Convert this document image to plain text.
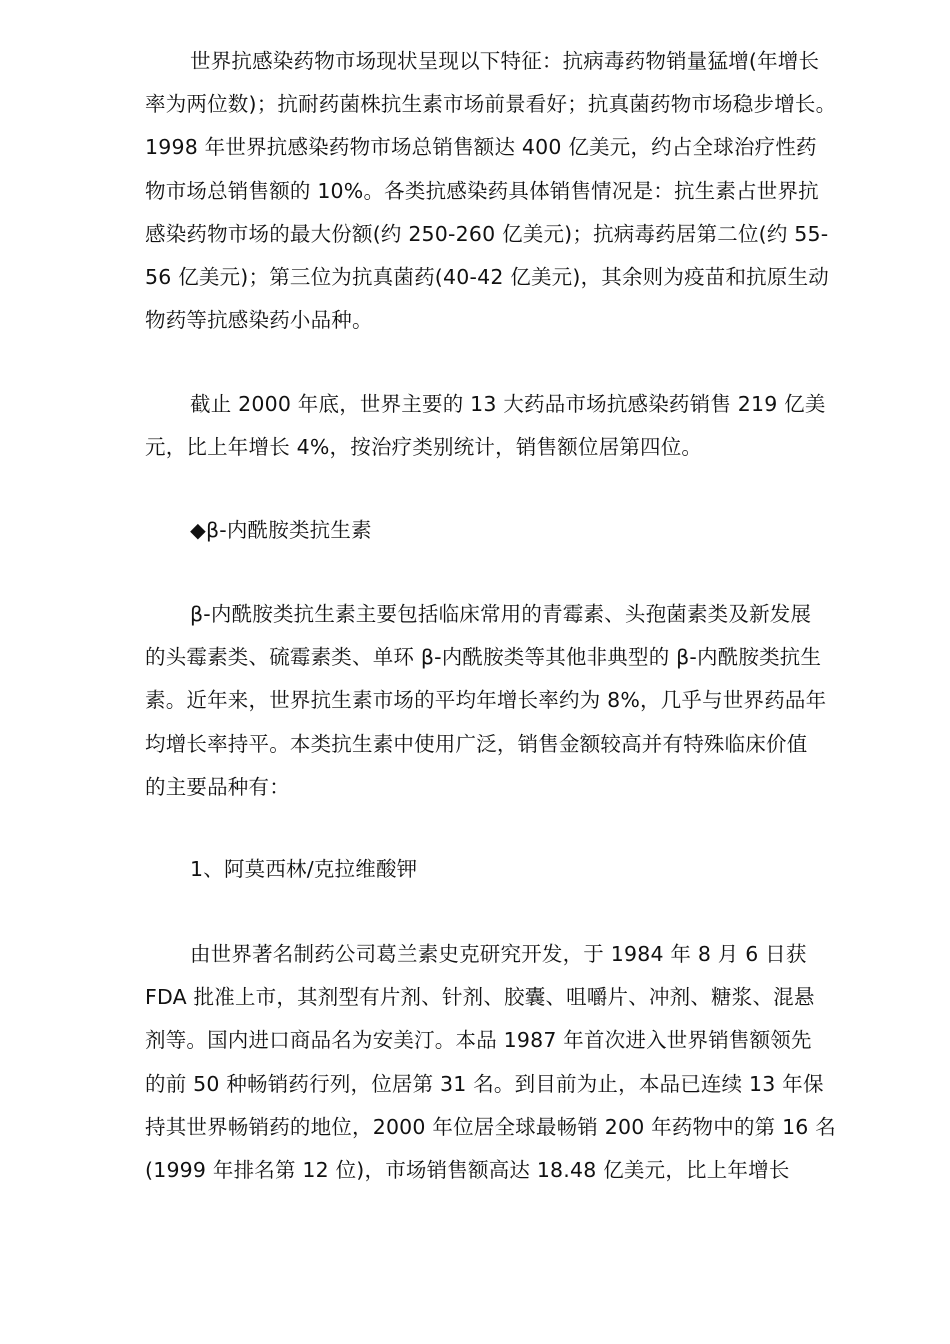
世界抗感染药物市场现状呈现以下特征：抗病毒药物销量猛增(年增长
率为两位数)；抗耐药菌株抗生素市场前景看好；抗真菌药物市场稳步增长。
1998 年世界抗感染药物市场总销售额达 400 亿美元，约占全球治疗性药
物市场总销售额的 10%。各类抗感染药具体销售情况是：抗生素占世界抗
感染药物市场的最大份额(约 250-260 亿美元)；抗病毒药居第二位(约 55-
56 亿美元)；第三位为抗真菌药(40-42 亿美元)，其余则为疫苗和抗原生动
物药等抗感染药小品种。
截止 2000 年底，世界主要的 13 大药品市场抗感染药销售 219 亿美
元，比上年增长 4%，按治疗类别统计，销售额位居第四位。
◆β-内酰胺类抗生素
β-内酰胺类抗生素主要包括临床常用的青霉素、头孢菌素类及新发展
的头霉素类、硫霉素类、单环 β-内酰胺类等其他非典型的 β-内酰胺类抗生
素。近年来，世界抗生素市场的平均年增长率约为 8%，几乎与世界药品年
均增长率持平。本类抗生素中使用广泛，销售金额较高并有特殊临床价值
的主要品种有：
1、阿莫西林/克拉维酸钾
由世界著名制药公司葛兰素史克研究开发，于 1984 年 8 月 6 日获
FDA 批准上市，其剂型有片剂、针剂、胶囊、咀嚼片、冲剂、糖浆、混悬
剂等。国内进口商品名为安美汀。本品 1987 年首次进入世界销售额领先
的前 50 种畅销药行列，位居第 31 名。到目前为止，本品已连续 13 年保
持其世界畅销药的地位，2000 年位居全球最畅销 200 年药物中的第 16 名
(1999 年排名第 12 位)，市场销售额高达 18.48 亿美元，比上年增长
